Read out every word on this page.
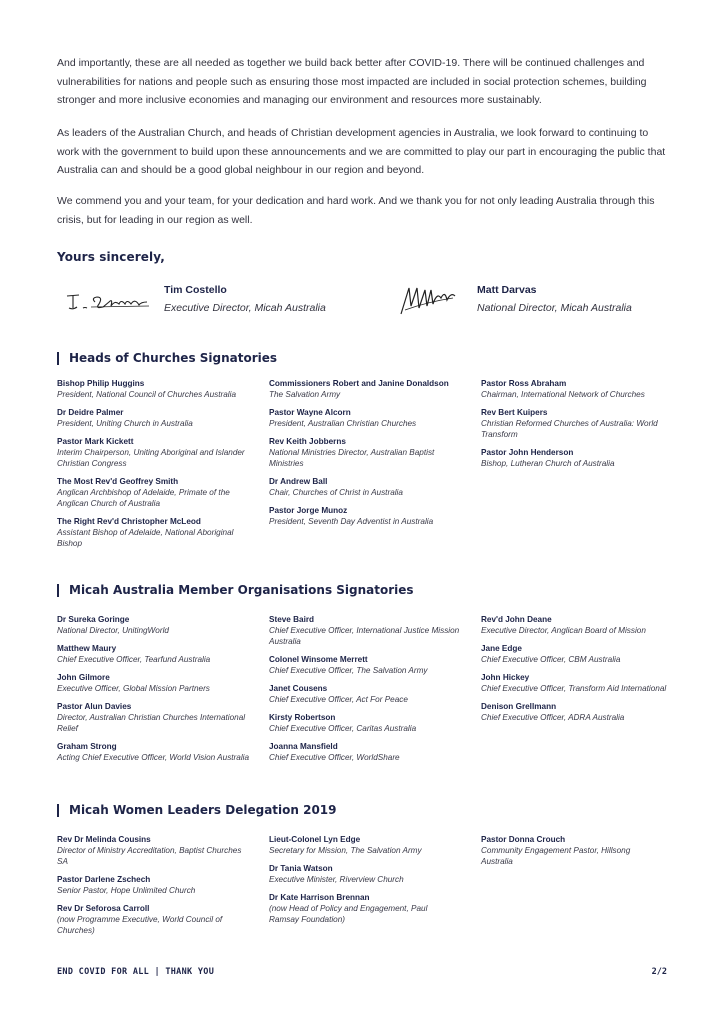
And importantly, these are all needed as together we build back better after COVID-19. There will be continued challenges and vulnerabilities for nations and people such as ensuring those most impacted are included in social protection schemes, building stronger and more inclusive economies and managing our environment and resources more sustainably.

As leaders of the Australian Church, and heads of Christian development agencies in Australia, we look forward to continuing to work with the government to build upon these announcements and we are committed to play our part in encouraging the public that Australia can and should be a good global neighbour in our region and beyond.

We commend you and your team, for your dedication and hard work. And we thank you for not only leading Australia through this crisis, but for leading in our region as well.

Yours sincerely,
Tim Costello
Executive Director, Micah Australia
Matt Darvas
National Director, Micah Australia
Heads of Churches Signatories
Bishop Philip Huggins
President, National Council of Churches Australia
Dr Deidre Palmer
President, Uniting Church in Australia
Pastor Mark Kickett
Interim Chairperson, Uniting Aboriginal and Islander Christian Congress
The Most Rev'd Geoffrey Smith
Anglican Archbishop of Adelaide, Primate of the Anglican Church of Australia
The Right Rev'd Christopher McLeod
Assistant Bishop of Adelaide, National Aboriginal Bishop
Commissioners Robert and Janine Donaldson
The Salvation Army
Pastor Wayne Alcorn
President, Australian Christian Churches
Rev Keith Jobberns
National Ministries Director, Australian Baptist Ministries
Dr Andrew Ball
Chair, Churches of Christ in Australia
Pastor Jorge Munoz
President, Seventh Day Adventist in Australia
Pastor Ross Abraham
Chairman, International Network of Churches
Rev Bert Kuipers
Christian Reformed Churches of Australia: World Transform
Pastor John Henderson
Bishop, Lutheran Church of Australia
Micah Australia Member Organisations Signatories
Dr Sureka Goringe
National Director, UnitingWorld
Matthew Maury
Chief Executive Officer, Tearfund Australia
John Gilmore
Executive Officer, Global Mission Partners
Pastor Alun Davies
Director, Australian Christian Churches International Relief
Graham Strong
Acting Chief Executive Officer, World Vision Australia
Steve Baird
Chief Executive Officer, International Justice Mission Australia
Colonel Winsome Merrett
Chief Executive Officer, The Salvation Army
Janet Cousens
Chief Executive Officer, Act For Peace
Kirsty Robertson
Chief Executive Officer, Caritas Australia
Joanna Mansfield
Chief Executive Officer, WorldShare
Rev'd John Deane
Executive Director, Anglican Board of Mission
Jane Edge
Chief Executive Officer, CBM Australia
John Hickey
Chief Executive Officer, Transform Aid International
Denison Grellmann
Chief Executive Officer, ADRA Australia
Micah Women Leaders Delegation 2019
Rev Dr Melinda Cousins
Director of Ministry Accreditation, Baptist Churches SA
Pastor Darlene Zschech
Senior Pastor, Hope Unlimited Church
Rev Dr Seforosa Carroll
(now Programme Executive, World Council of Churches)
Lieut-Colonel Lyn Edge
Secretary for Mission, The Salvation Army
Dr Tania Watson
Executive Minister, Riverview Church
Dr Kate Harrison Brennan
(now Head of Policy and Engagement, Paul Ramsay Foundation)
Pastor Donna Crouch
Community Engagement Pastor, Hillsong Australia
END COVID FOR ALL | THANK YOU	2/2
